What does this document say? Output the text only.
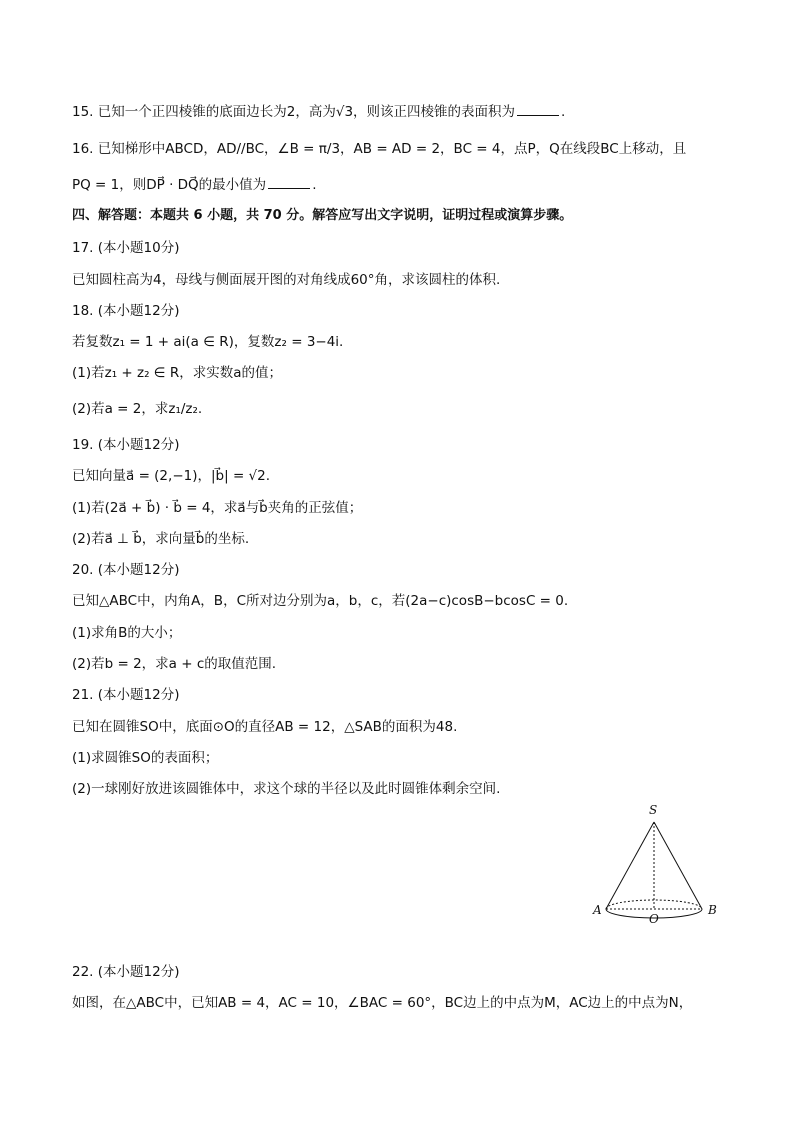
15. 已知一个正四棱锥的底面边长为2，高为√3，则该正四棱锥的表面积为	.
16. 已知梯形中ABCD，AD//BC，∠B = π/3，AB = AD = 2，BC = 4，点P，Q在线段BC上移动，且
PQ = 1，则DP⃗ · DQ⃗的最小值为	.
四、解答题：本题共 6 小题，共 70 分。解答应写出文字说明，证明过程或演算步骤。
17. (本小题10分)
已知圆柱高为4，母线与侧面展开图的对角线成60°角，求该圆柱的体积.
18. (本小题12分)
若复数z₁ = 1 + ai(a ∈ R)，复数z₂ = 3−4i.
(1)若z₁ + z₂ ∈ R，求实数a的值；
(2)若a = 2，求z₁/z₂.
19. (本小题12分)
已知向量a⃗ = (2,−1)，|b⃗| = √2.
(1)若(2a⃗ + b⃗) · b⃗ = 4，求a⃗与b⃗夹角的正弦值；
(2)若a⃗ ⊥ b⃗，求向量b⃗的坐标.
20. (本小题12分)
已知△ABC中，内角A，B，C所对边分别为a，b，c，若(2a−c)cosB−bcosC = 0.
(1)求角B的大小；
(2)若b = 2，求a + c的取值范围.
21. (本小题12分)
已知在圆锥SO中，底面⊙O的直径AB = 12，△SAB的面积为48.
(1)求圆锥SO的表面积；
(2)一球刚好放进该圆锥体中，求这个球的半径以及此时圆锥体剩余空间.
S
A	B
O
22. (本小题12分)
如图，在△ABC中，已知AB = 4，AC = 10，∠BAC = 60°，BC边上的中点为M，AC边上的中点为N，
